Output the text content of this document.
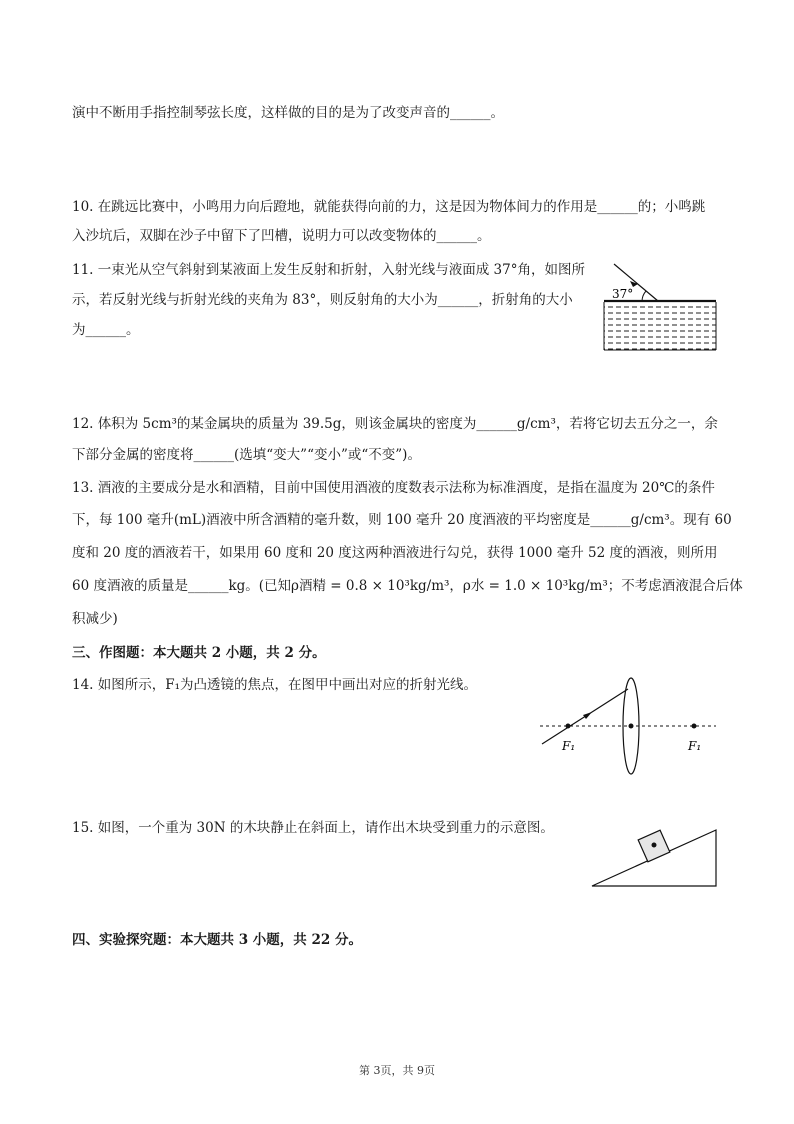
演中不断用手指控制琴弦长度，这样做的目的是为了改变声音的______。
10. 在跳远比赛中，小鸣用力向后蹬地，就能获得向前的力，这是因为物体间力的作用是______的；小鸣跳
入沙坑后，双脚在沙子中留下了凹槽，说明力可以改变物体的______。
11. 一束光从空气斜射到某液面上发生反射和折射，入射光线与液面成 37°角，如图所
示，若反射光线与折射光线的夹角为 83°，则反射角的大小为______，折射角的大小
为______。
37°
12. 体积为 5cm³的某金属块的质量为 39.5g，则该金属块的密度为______g/cm³，若将它切去五分之一，余
下部分金属的密度将______(选填“变大”“变小”或“不变”)。
13. 酒液的主要成分是水和酒精，目前中国使用酒液的度数表示法称为标准酒度，是指在温度为 20℃的条件
下，每 100 毫升(mL)酒液中所含酒精的毫升数，则 100 毫升 20 度酒液的平均密度是______g/cm³。现有 60
度和 20 度的酒液若干，如果用 60 度和 20 度这两种酒液进行勾兑，获得 1000 毫升 52 度的酒液，则所用
60 度酒液的质量是______kg。(已知ρ酒精 = 0.8 × 10³kg/m³，ρ水 = 1.0 × 10³kg/m³；不考虑酒液混合后体
积减少)
三、作图题：本大题共 2 小题，共 2 分。
14. 如图所示，F₁为凸透镜的焦点，在图甲中画出对应的折射光线。
F₁	F₁
15. 如图，一个重为 30N 的木块静止在斜面上，请作出木块受到重力的示意图。
四、实验探究题：本大题共 3 小题，共 22 分。
第 3页，共 9页
